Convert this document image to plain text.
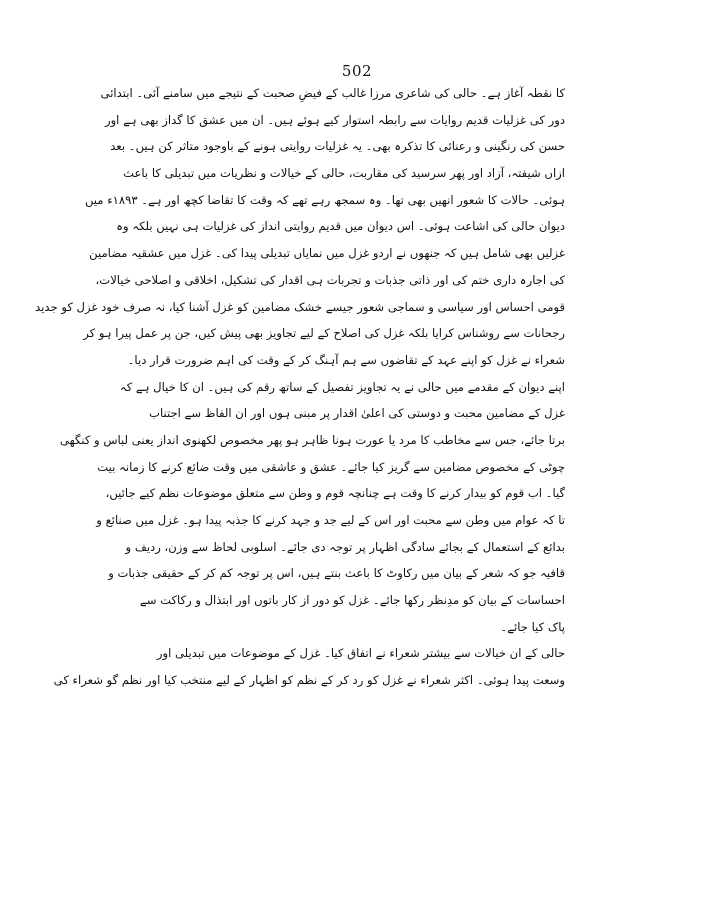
502
کا نقطہ آغاز ہے۔ حالی کی شاعری مرزا غالب کے فیضِ صحبت کے نتیجے میں سامنے آئی۔ ابتدائی
دور کی غزلیات قدیم روایات سے رابطہ استوار کیے ہوئے ہیں۔ ان میں عشق کا گداز بھی ہے اور
حسن کی رنگینی و رعنائی کا تذکرہ بھی۔ یہ غزلیات روایتی ہونے کے باوجود متاثر کن ہیں۔ بعد
ازاں شیفتہ، آزاد اور پھر سرسید کی مقاربت، حالی کے خیالات و نظریات میں تبدیلی کا باعث
ہوئی۔ حالات کا شعور انھیں بھی تھا۔ وہ سمجھ رہے تھے کہ وقت کا تقاضا کچھ اور ہے۔ ۱۸۹۳ء میں
دیوان حالی کی اشاعت ہوئی۔ اس دیوان میں قدیم روایتی انداز کی غزلیات ہی نہیں بلکہ وہ
غزلیں بھی شامل ہیں کہ جنھوں نے اردو غزل میں نمایاں تبدیلی پیدا کی۔ غزل میں عشقیہ مضامین
کی اجارہ داری ختم کی اور ذاتی جذبات و تجربات ہی اقدار کی تشکیل، اخلاقی و اصلاحی خیالات،
قومی احساس اور سیاسی و سماجی شعور جیسے خشک مضامین کو غزل آشنا کیا، نہ صرف خود غزل کو جدید
رجحانات سے روشناس کرایا بلکہ غزل کی اصلاح کے لیے تجاویز بھی پیش کیں، جن پر عمل پیرا ہو کر
شعراء نے غزل کو اپنے عہد کے تقاضوں سے ہم آہنگ کر کے وقت کی اہم ضرورت قرار دیا۔
اپنے دیوان کے مقدمے میں حالی نے یہ تجاویز تفصیل کے ساتھ رقم کی ہیں۔ ان کا خیال ہے کہ
غزل کے مضامین محبت و دوستی کی اعلیٰ اقدار پر مبنی ہوں اور ان الفاظ سے اجتناب
برتا جائے، جس سے مخاطب کا مرد یا عورت ہونا ظاہر ہو پھر مخصوص لکھنوی انداز یعنی لباس و کنگھی
چوٹی کے مخصوص مضامین سے گریز کیا جائے۔ عشق و عاشقی میں وقت ضائع کرنے کا زمانہ بیت
گیا۔ اب قوم کو بیدار کرنے کا وقت ہے چنانچہ قوم و وطن سے متعلق موضوعات نظم کیے جائیں،
تا کہ عوام میں وطن سے محبت اور اس کے لیے جد و جہد کرنے کا جذبہ پیدا ہو۔ غزل میں صنائع و
بدائع کے استعمال کے بجائے سادگی اظہار پر توجہ دی جائے۔ اسلوبی لحاظ سے وزن، ردیف و
قافیہ جو کہ شعر کے بیان میں رکاوٹ کا باعث بنتے ہیں، اس پر توجہ کم کر کے حقیقی جذبات و
احساسات کے بیان کو مدِنظر رکھا جائے۔ غزل کو دور از کار باتوں اور ابتذال و رکاکت سے
پاک کیا جائے۔
حالی کے ان خیالات سے بیشتر شعراء نے اتفاق کیا۔ غزل کے موضوعات میں تبدیلی اور
وسعت پیدا ہوئی۔ اکثر شعراء نے غزل کو رد کر کے نظم کو اظہار کے لیے منتخب کیا اور نظم گو شعراء کی
